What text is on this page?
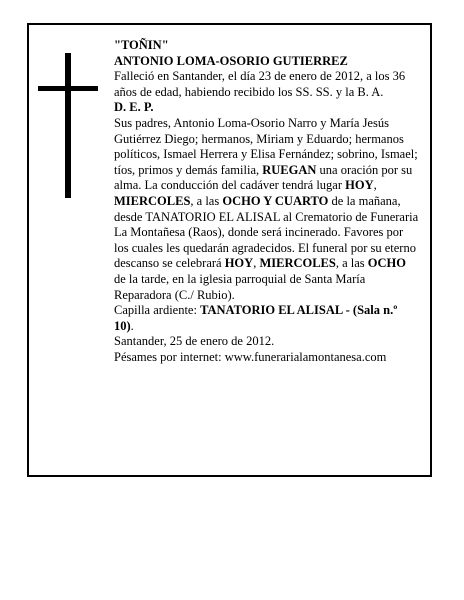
"TOÑIN"

ANTONIO LOMA-OSORIO GUTIERREZ

Falleció en Santander, el día 23 de enero de 2012, a los 36 años de edad, habiendo recibido los SS. SS. y la B. A.

D. E. P.

Sus padres, Antonio Loma-Osorio Narro y María Jesús Gutiérrez Diego; hermanos, Miriam y Eduardo; hermanos políticos, Ismael Herrera y Elisa Fernández; sobrino, Ismael; tíos, primos y demás familia, RUEGAN una oración por su alma. La conducción del cadáver tendrá lugar HOY, MIERCOLES, a las OCHO Y CUARTO de la mañana, desde TANATORIO EL ALISAL al Crematorio de Funeraria La Montañesa (Raos), donde será incinerado. Favores por los cuales les quedarán agradecidos. El funeral por su eterno descanso se celebrará HOY, MIERCOLES, a las OCHO de la tarde, en la iglesia parroquial de Santa María Reparadora (C./ Rubio).

Capilla ardiente: TANATORIO EL ALISAL - (Sala n.º 10).

Santander, 25 de enero de 2012.

Pésames por internet: www.funerarialamontanesa.com
